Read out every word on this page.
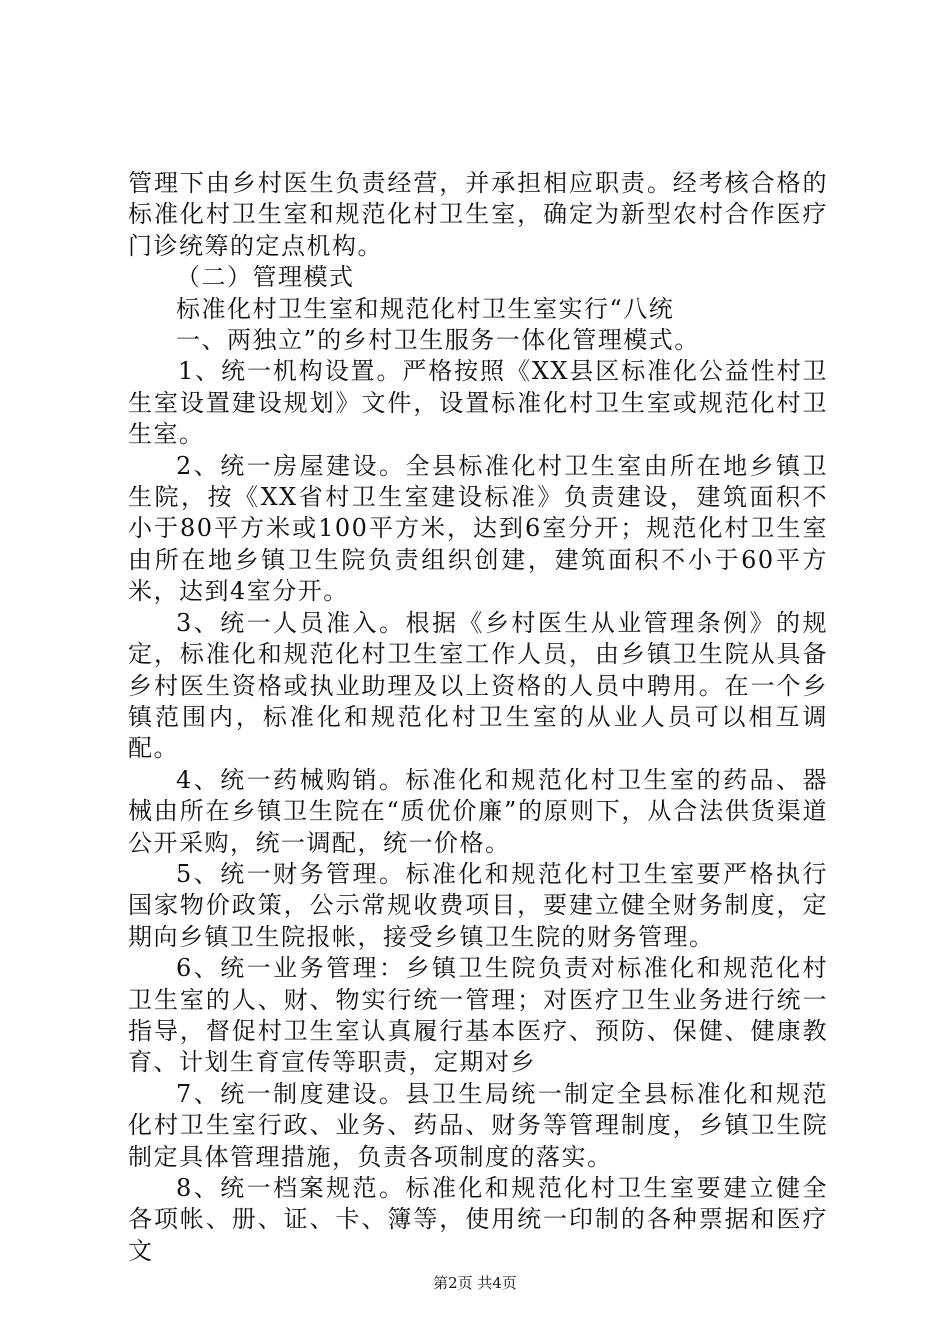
管理下由乡村医生负责经营，并承担相应职责。经考核合格的标准化村卫生室和规范化村卫生室，确定为新型农村合作医疗门诊统筹的定点机构。

（二）管理模式

标准化村卫生室和规范化村卫生室实行“八统

一、两独立”的乡村卫生服务一体化管理模式。

1、统一机构设置。严格按照《XX县区标准化公益性村卫生室设置建设规划》文件，设置标准化村卫生室或规范化村卫生室。

2、统一房屋建设。全县标准化村卫生室由所在地乡镇卫生院，按《XX省村卫生室建设标准》负责建设，建筑面积不小于80平方米或100平方米，达到6室分开；规范化村卫生室由所在地乡镇卫生院负责组织创建，建筑面积不小于60平方米，达到4室分开。

3、统一人员准入。根据《乡村医生从业管理条例》的规定，标准化和规范化村卫生室工作人员，由乡镇卫生院从具备乡村医生资格或执业助理及以上资格的人员中聘用。在一个乡镇范围内，标准化和规范化村卫生室的从业人员可以相互调配。

4、统一药械购销。标准化和规范化村卫生室的药品、器械由所在乡镇卫生院在“质优价廉”的原则下，从合法供货渠道公开采购，统一调配，统一价格。

5、统一财务管理。标准化和规范化村卫生室要严格执行国家物价政策，公示常规收费项目，要建立健全财务制度，定期向乡镇卫生院报帐，接受乡镇卫生院的财务管理。

6、统一业务管理：乡镇卫生院负责对标准化和规范化村卫生室的人、财、物实行统一管理；对医疗卫生业务进行统一指导，督促村卫生室认真履行基本医疗、预防、保健、健康教育、计划生育宣传等职责，定期对乡

7、统一制度建设。县卫生局统一制定全县标准化和规范化村卫生室行政、业务、药品、财务等管理制度，乡镇卫生院制定具体管理措施，负责各项制度的落实。

8、统一档案规范。标准化和规范化村卫生室要建立健全各项帐、册、证、卡、簿等，使用统一印制的各种票据和医疗文

第2页 共4页
